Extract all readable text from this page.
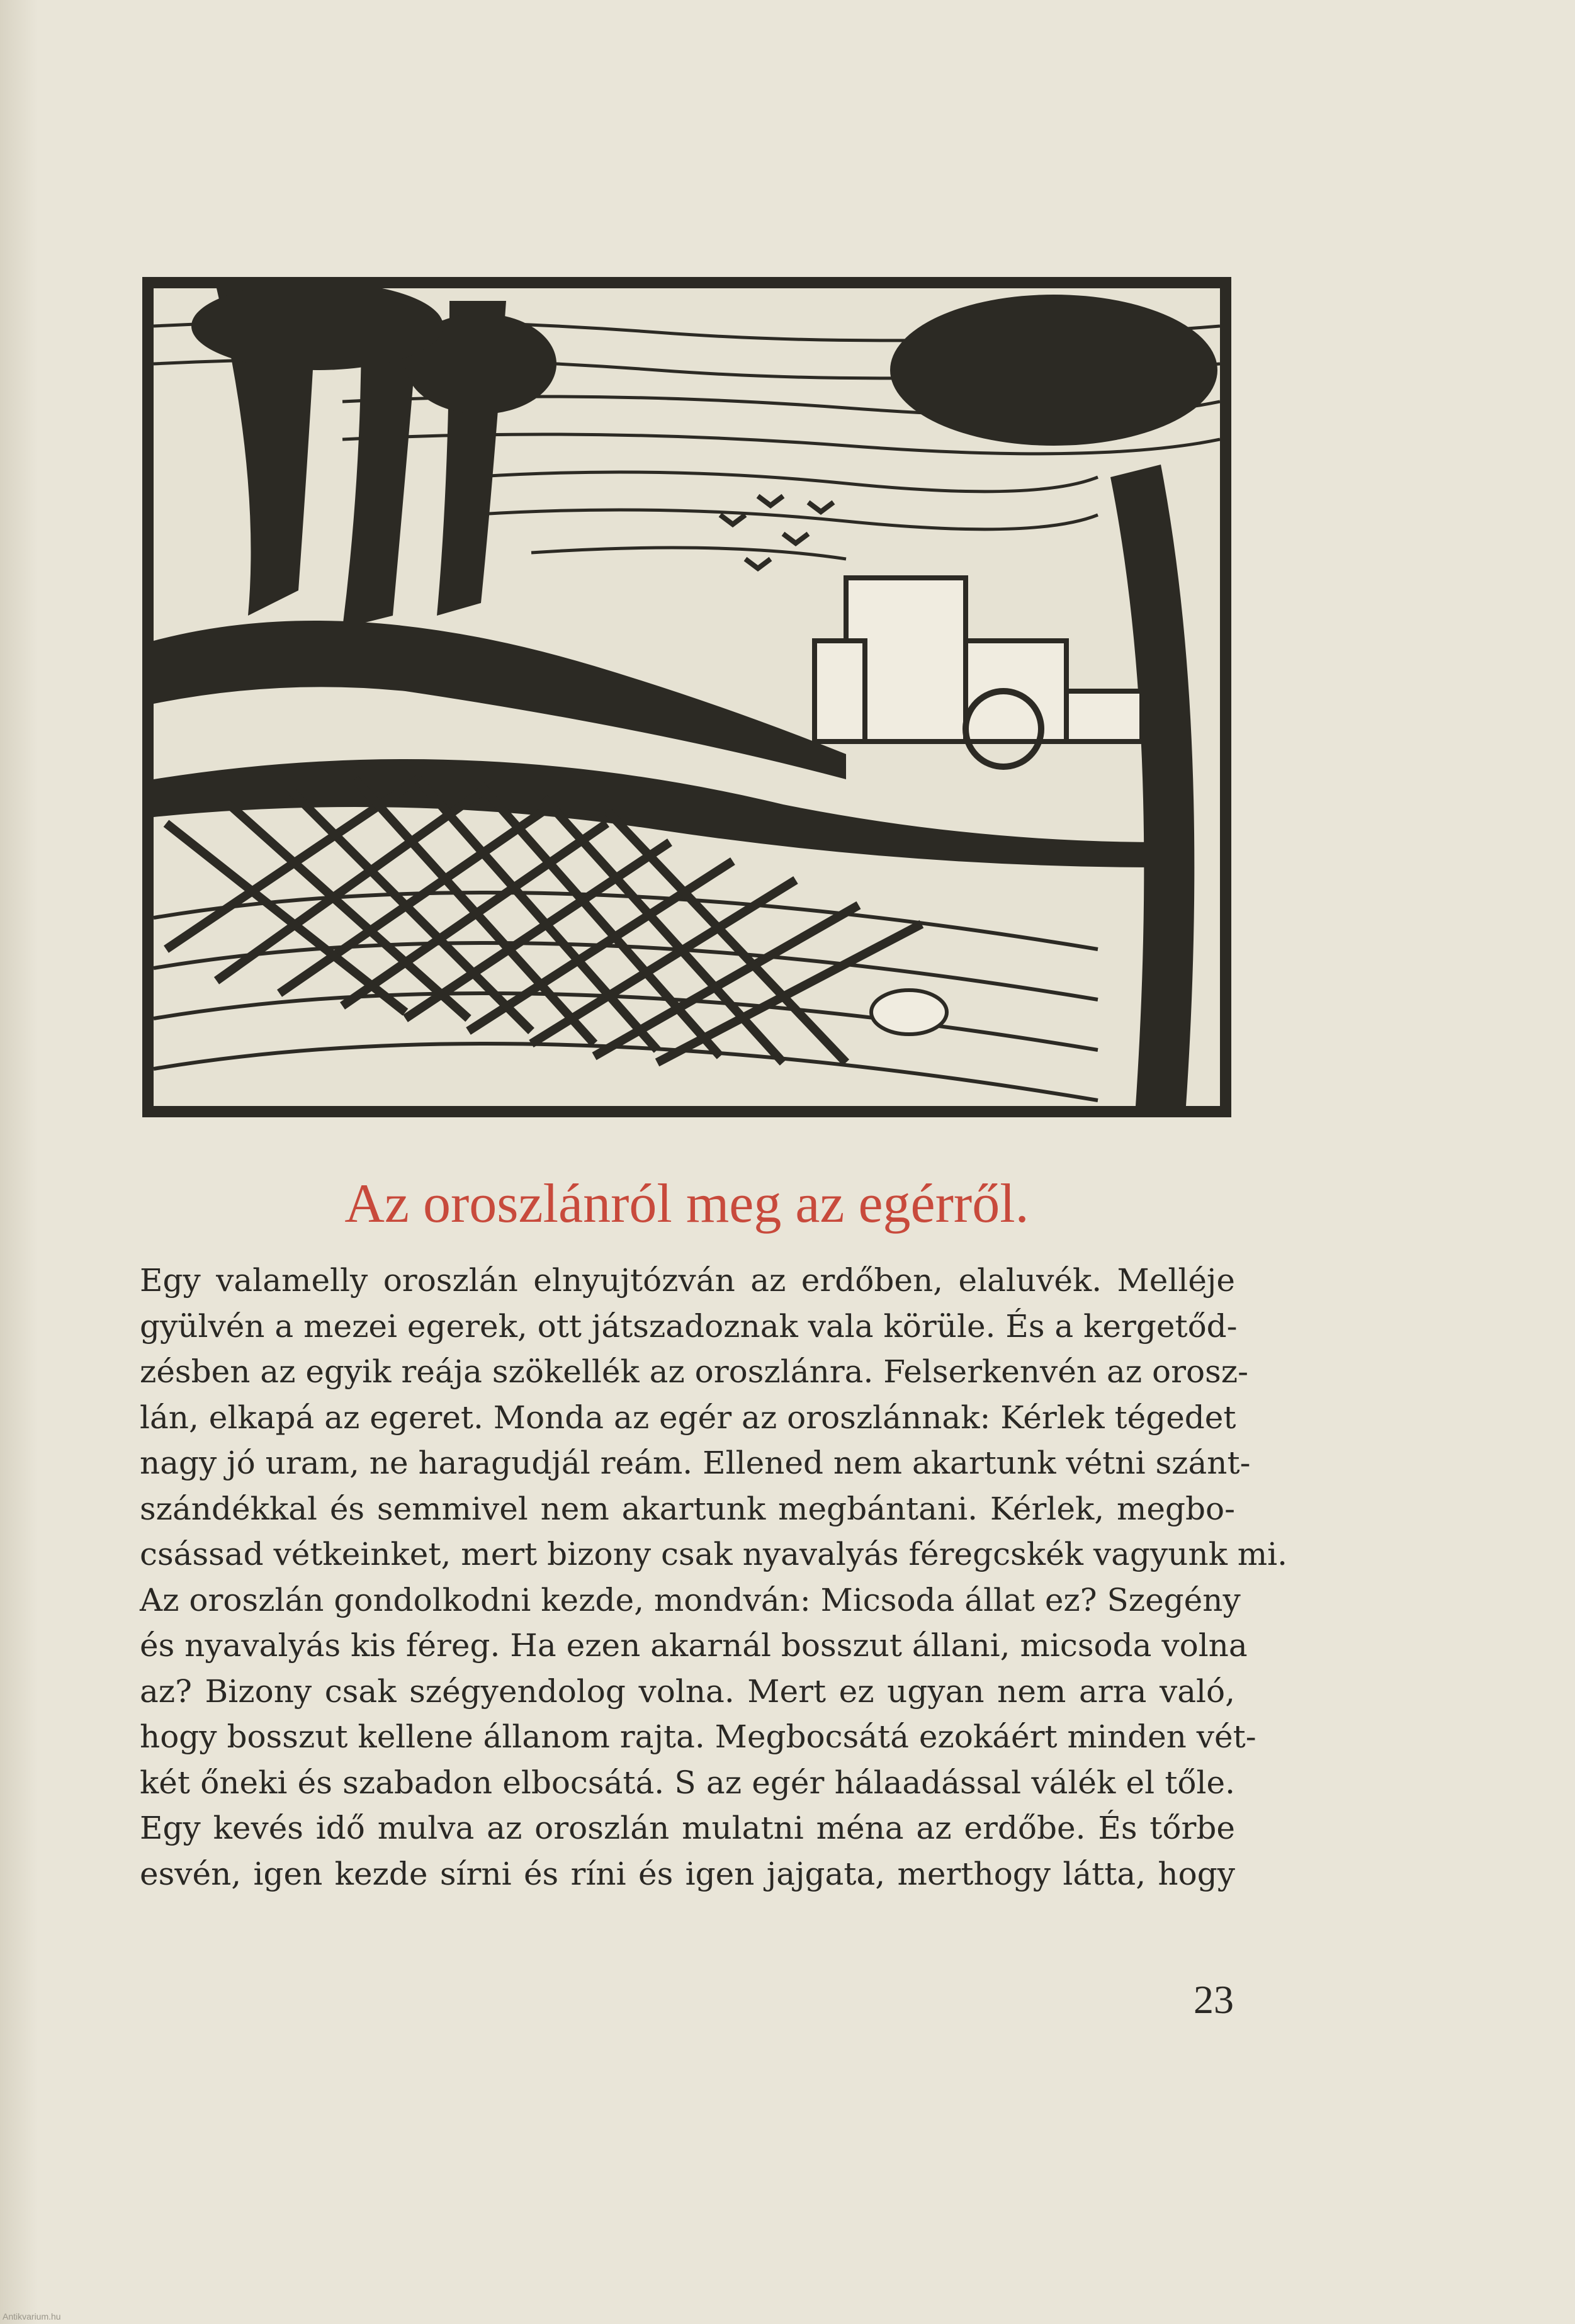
Az oroszlánról meg az egérről.
Egy valamelly oroszlán elnyujtózván az erdőben, elaluvék. Melléje
gyülvén a mezei egerek, ott játszadoznak vala körüle. És a kergetőd-
zésben az egyik reája szökellék az oroszlánra. Felserkenvén az orosz-
lán, elkapá az egeret. Monda az egér az oroszlánnak: Kérlek tégedet
nagy jó uram, ne haragudjál reám. Ellened nem akartunk vétni szánt-
szándékkal és semmivel nem akartunk megbántani. Kérlek, megbo-
csássad vétkeinket, mert bizony csak nyavalyás féregcskék vagyunk mi.
Az oroszlán gondolkodni kezde, mondván: Micsoda állat ez? Szegény
és nyavalyás kis féreg. Ha ezen akarnál bosszut állani, micsoda volna
az? Bizony csak szégyendolog volna. Mert ez ugyan nem arra való,
hogy bosszut kellene állanom rajta. Megbocsátá ezokáért minden vét-
két őneki és szabadon elbocsátá. S az egér hálaadással válék el tőle.
Egy kevés idő mulva az oroszlán mulatni ména az erdőbe. És tőrbe
esvén, igen kezde sírni és ríni és igen jajgata, merthogy látta, hogy
23
Antikvarium.hu
